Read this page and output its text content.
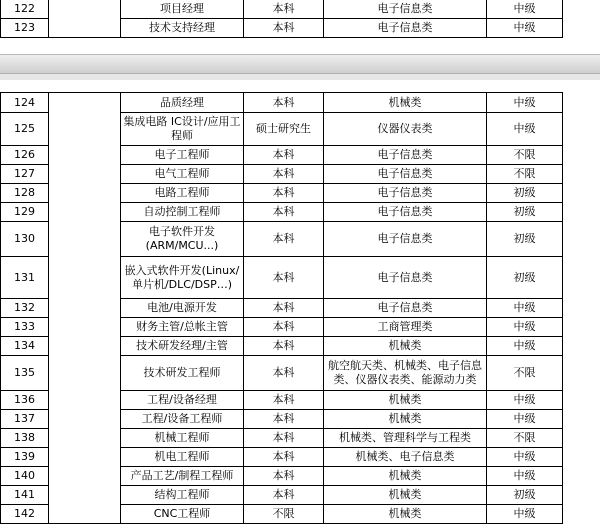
122		项目经理	本科	电子信息类	中级
123		技术支持经理	本科	电子信息类	中级
124		品质经理	本科	机械类	中级
125		集成电路 IC设计/应用工程师	硕士研究生	仪器仪表类	中级
126		电子工程师	本科	电子信息类	不限
127		电气工程师	本科	电子信息类	不限
128		电路工程师	本科	电子信息类	初级
129		自动控制工程师	本科	电子信息类	初级
130		电子软件开发(ARM/MCU...)	本科	电子信息类	初级
131		嵌入式软件开发(Linux/单片机/DLC/DSP…)	本科	电子信息类	初级
132		电池/电源开发	本科	电子信息类	中级
133		财务主管/总帐主管	本科	工商管理类	中级
134		技术研发经理/主管	本科	机械类	中级
135		技术研发工程师	本科	航空航天类、机械类、电子信息类、仪器仪表类、能源动力类	不限
136		工程/设备经理	本科	机械类	中级
137		工程/设备工程师	本科	机械类	中级
138		机械工程师	本科	机械类、管理科学与工程类	不限
139		机电工程师	本科	机械类、电子信息类	中级
140		产品工艺/制程工程师	本科	机械类	中级
141		结构工程师	本科	机械类	初级
142		CNC工程师	不限	机械类	中级
